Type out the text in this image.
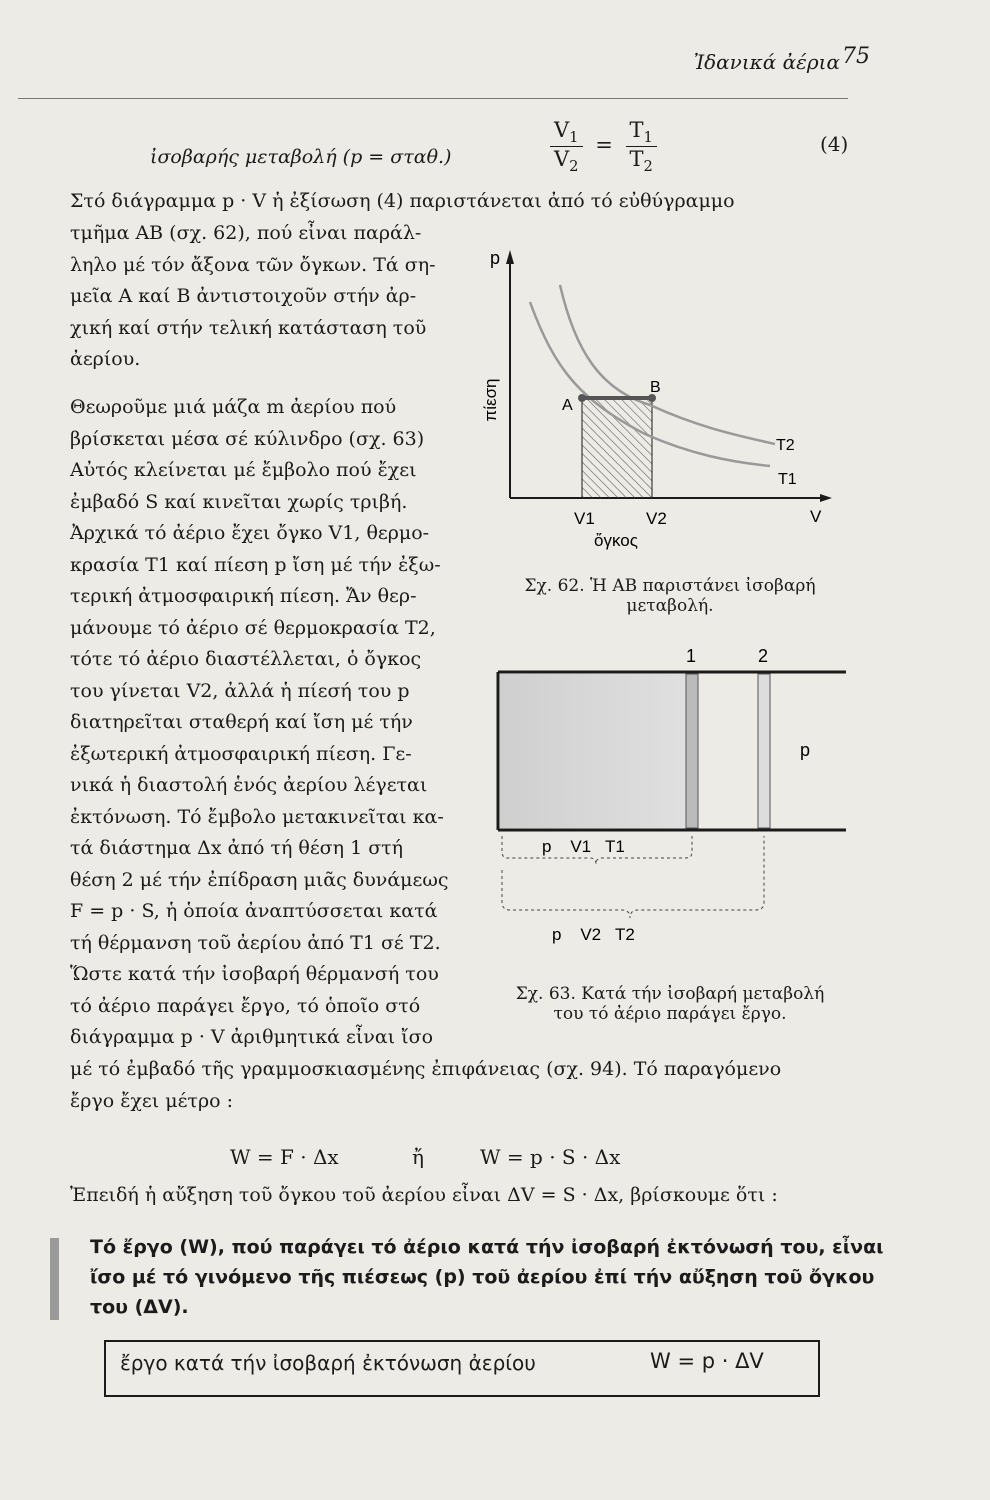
Ἰδανικά ἀέρια 75
ἰσοβαρής μεταβολή (p = σταθ.)	$\frac{V_1}{V_2} = \frac{T_1}{T_2}$	(4)
Στό διάγραμμα p · V ἡ ἐξίσωση (4) παριστάνεται ἀπό τό εὐθύγραμμο
τμῆμα ΑΒ (σχ. 62), πού εἶναι παράλ-
ληλο μέ τόν ἄξονα τῶν ὄγκων. Τά ση-
μεῖα Α καί Β ἀντιστοιχοῦν στήν ἀρ-
χική καί στήν τελική κατάσταση τοῦ
ἀερίου.
Θεωροῦμε μιά μάζα m ἀερίου πού
βρίσκεται μέσα σέ κύλινδρο (σχ. 63)
Αὐτός κλείνεται μέ ἔμβολο πού ἔχει
ἐμβαδό S καί κινεῖται χωρίς τριβή.
Ἀρχικά τό ἀέριο ἔχει ὄγκο V1, θερμο-
κρασία T1 καί πίεση p ἴση μέ τήν ἐξω-
τερική ἀτμοσφαιρική πίεση. Ἄν θερ-
μάνουμε τό ἀέριο σέ θερμοκρασία T2,
τότε τό ἀέριο διαστέλλεται, ὁ ὄγκος
του γίνεται V2, ἀλλά ἡ πίεσή του p
διατηρεῖται σταθερή καί ἴση μέ τήν
ἐξωτερική ἀτμοσφαιρική πίεση. Γε-
νικά ἡ διαστολή ἑνός ἀερίου λέγεται
ἐκτόνωση. Τό ἔμβολο μετακινεῖται κα-
τά διάστημα Δx ἀπό τή θέση 1 στή
θέση 2 μέ τήν ἐπίδραση μιᾶς δυνάμεως
F = p · S, ἡ ὁποία ἀναπτύσσεται κατά
τή θέρμανση τοῦ ἀερίου ἀπό T1 σέ T2.
Ὥστε κατά τήν ἰσοβαρή θέρμανσή του
τό ἀέριο παράγει ἔργο, τό ὁποῖο στό
διάγραμμα p · V ἀριθμητικά εἶναι ἴσο
μέ τό ἐμβαδό τῆς γραμμοσκιασμένης ἐπιφάνειας (σχ. 94). Τό παραγόμενο
ἔργο ἔχει μέτρο :
W = F · Δx	ἤ	W = p · S · Δx
Ἐπειδή ἡ αὔξηση τοῦ ὄγκου τοῦ ἀερίου εἶναι ΔV = S · Δx, βρίσκουμε ὅτι :
Τό ἔργο (W), πού παράγει τό ἀέριο κατά τήν ἰσοβαρή ἐκτόνωσή του, εἶναι
ἴσο μέ τό γινόμενο τῆς πιέσεως (p) τοῦ ἀερίου ἐπί τήν αὔξηση τοῦ ὄγκου
του (ΔV).
ἔργο κατά τήν ἰσοβαρή ἐκτόνωση ἀερίου	W = p · ΔV
p
πίεση	A
B
T2
T1
V1	V2	V
ὄγκος
Σχ. 62. Ἡ ΑΒ παριστάνει ἰσοβαρή
μεταβολή.
1	2
p
p    V1   T1
p    V2   T2
Σχ. 63. Κατά τήν ἰσοβαρή μεταβολή
του τό ἀέριο παράγει ἔργο.
